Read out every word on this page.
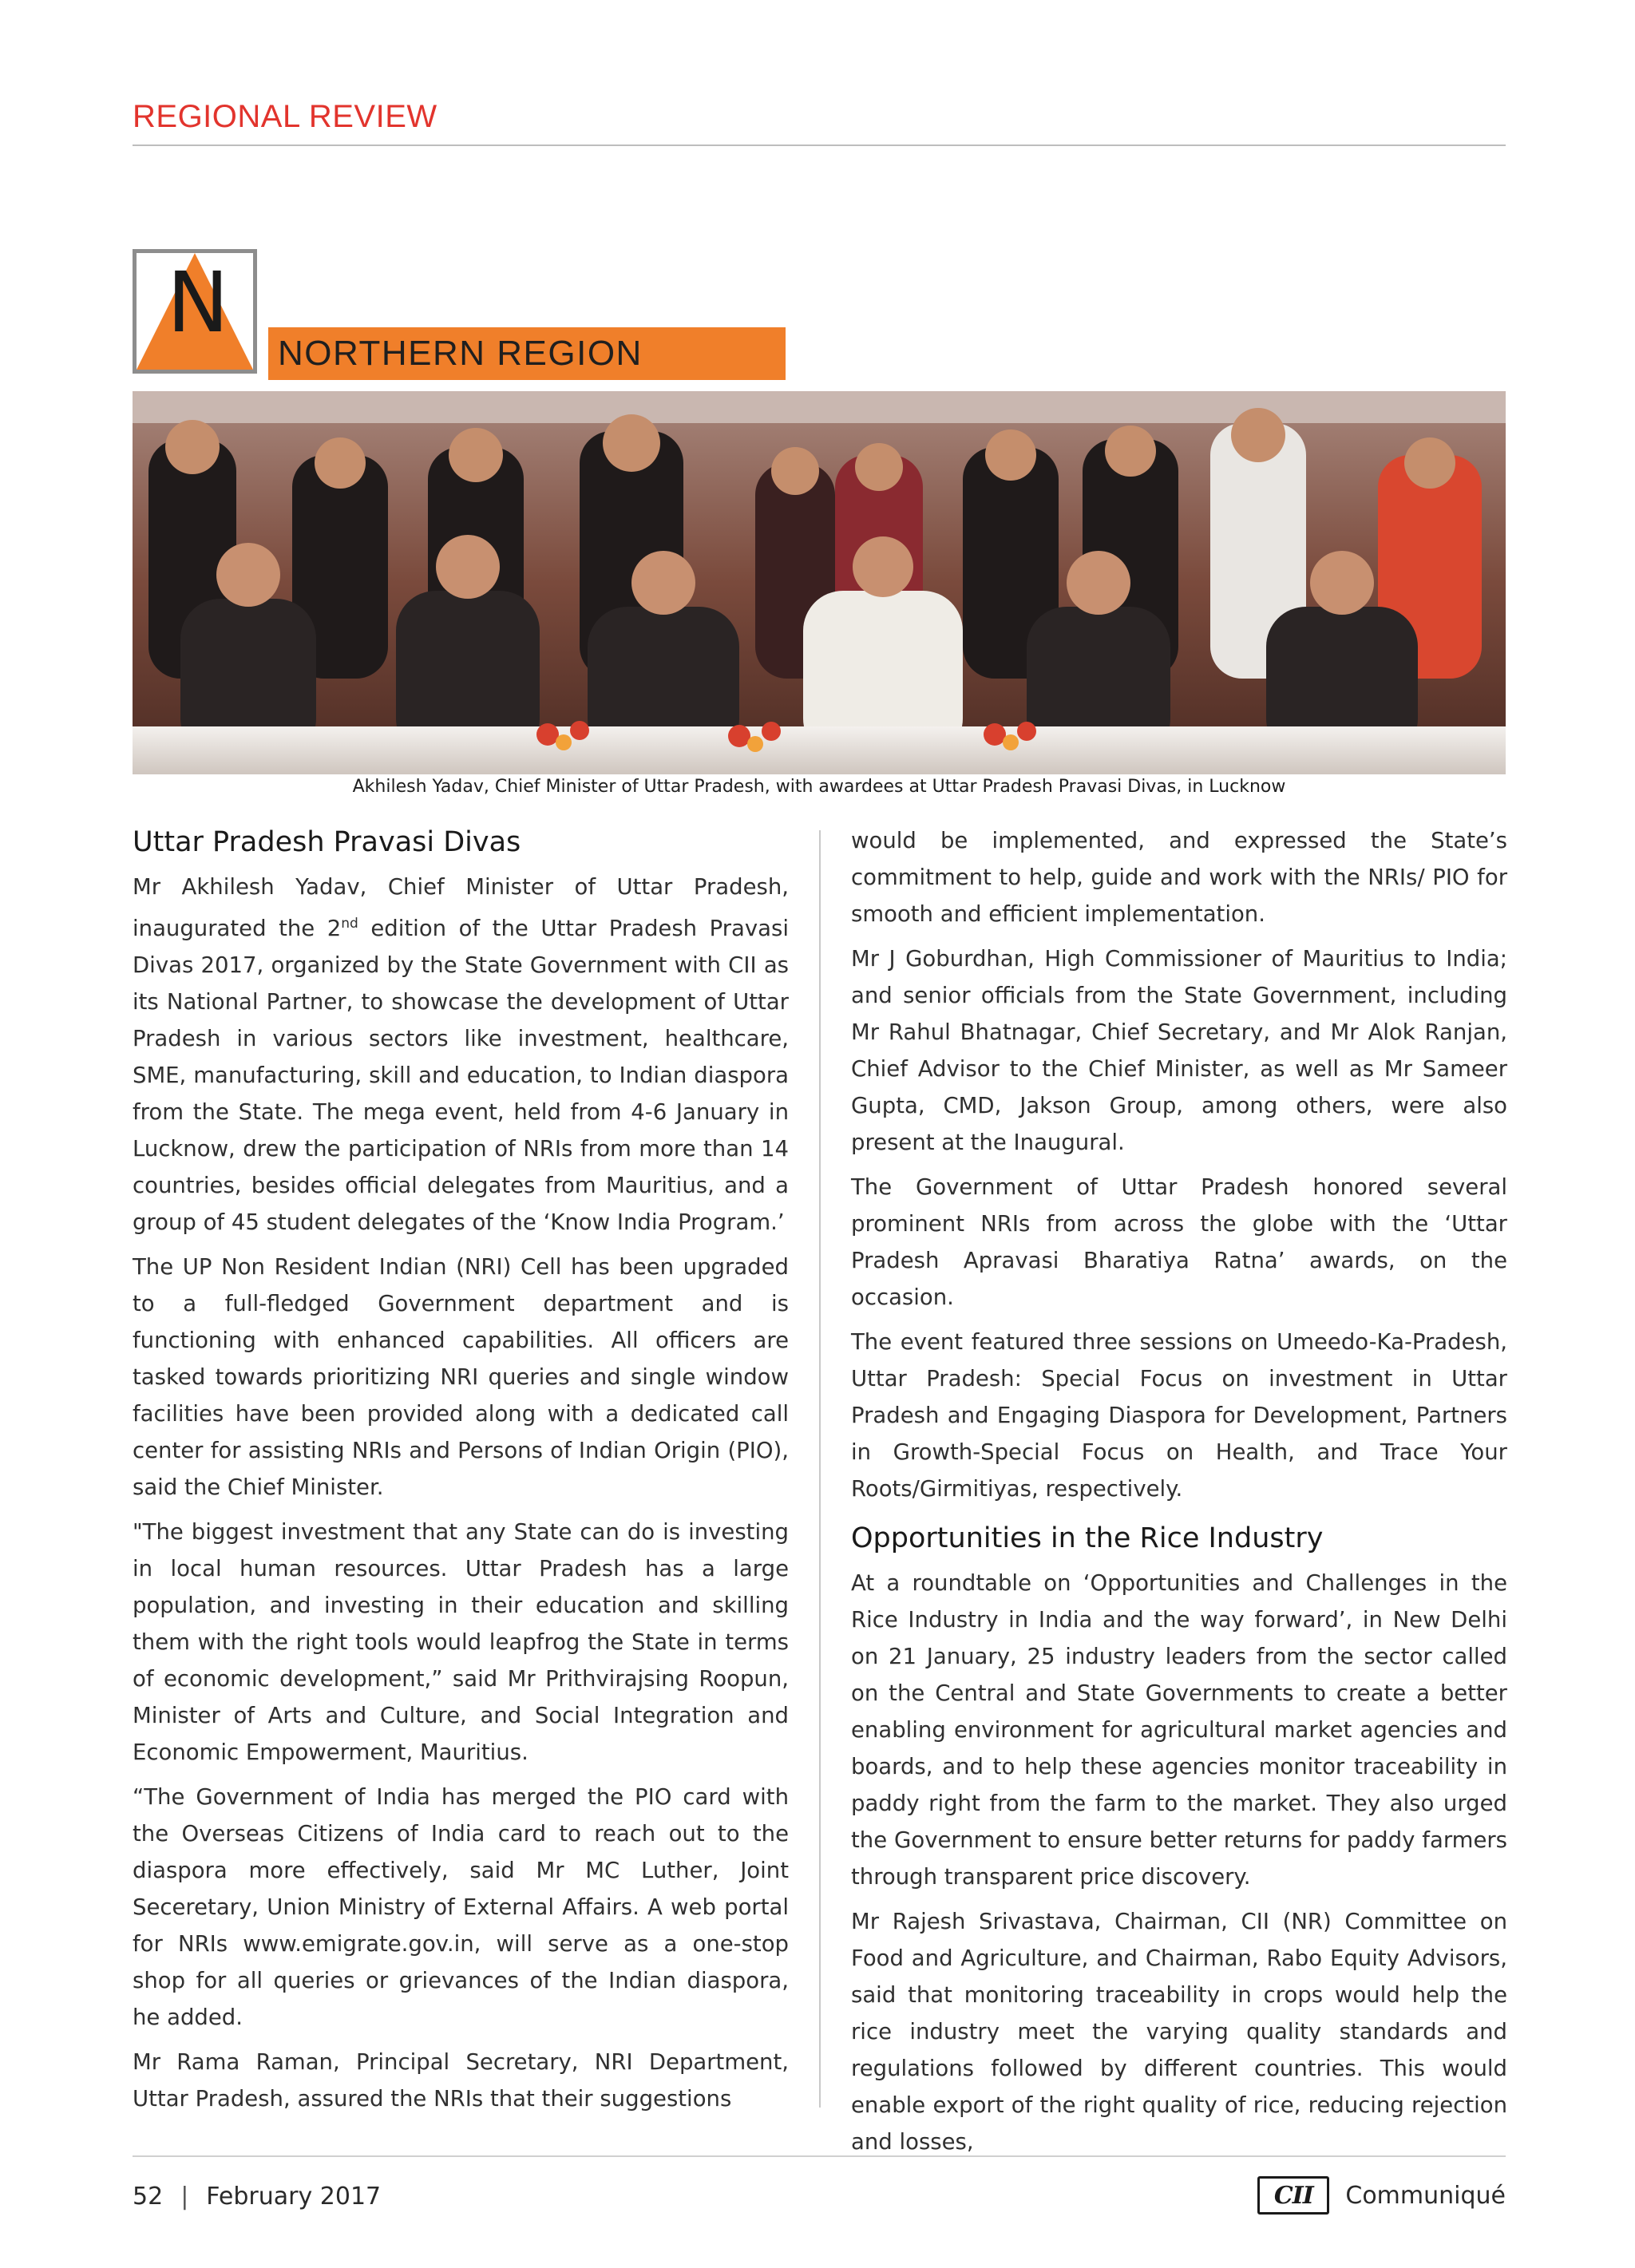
REGIONAL REVIEW
N
NORTHERN REGION
Akhilesh Yadav, Chief Minister of Uttar Pradesh, with awardees at Uttar Pradesh Pravasi Divas, in Lucknow
Uttar Pradesh Pravasi Divas

Mr Akhilesh Yadav, Chief Minister of Uttar Pradesh, inaugurated the 2nd edition of the Uttar Pradesh Pravasi Divas 2017, organized by the State Government with CII as its National Partner, to showcase the development of Uttar Pradesh in various sectors like investment, healthcare, SME, manufacturing, skill and education, to Indian diaspora from the State. The mega event, held from 4-6 January in Lucknow, drew the participation of NRIs from more than 14 countries, besides official delegates from Mauritius, and a group of 45 student delegates of the ‘Know India Program.’

The UP Non Resident Indian (NRI) Cell has been upgraded to a full-fledged Government department and is functioning with enhanced capabilities. All officers are tasked towards prioritizing NRI queries and single window facilities have been provided along with a dedicated call center for assisting NRIs and Persons of Indian Origin (PIO), said the Chief Minister.

"The biggest investment that any State can do is investing in local human resources. Uttar Pradesh has a large population, and investing in their education and skilling them with the right tools would leapfrog the State in terms of economic development,” said Mr Prithvirajsing Roopun, Minister of Arts and Culture, and Social Integration and Economic Empowerment, Mauritius.

“The Government of India has merged the PIO card with the Overseas Citizens of India card to reach out to the diaspora more effectively, said Mr MC Luther, Joint Seceretary, Union Ministry of External Affairs. A web portal for NRIs www.emigrate.gov.in, will serve as a one-stop shop for all queries or grievances of the Indian diaspora, he added.

Mr Rama Raman, Principal Secretary, NRI Department, Uttar Pradesh, assured the NRIs that their suggestions

would be implemented, and expressed the State’s commitment to help, guide and work with the NRIs/ PIO for smooth and efficient implementation.

Mr J Goburdhan, High Commissioner of Mauritius to India; and senior officials from the State Government, including Mr Rahul Bhatnagar, Chief Secretary, and Mr Alok Ranjan, Chief Advisor to the Chief Minister, as well as Mr Sameer Gupta, CMD, Jakson Group, among others, were also present at the Inaugural.

The Government of Uttar Pradesh honored several prominent NRIs from across the globe with the ‘Uttar Pradesh Apravasi Bharatiya Ratna’ awards, on the occasion.

The event featured three sessions on Umeedo-Ka-Pradesh, Uttar Pradesh: Special Focus on investment in Uttar Pradesh and Engaging Diaspora for Development, Partners in Growth-Special Focus on Health, and Trace Your Roots/Girmitiyas, respectively.

Opportunities in the Rice Industry

At a roundtable on ‘Opportunities and Challenges in the Rice Industry in India and the way forward’, in New Delhi on 21 January, 25 industry leaders from the sector called on the Central and State Governments to create a better enabling environment for agricultural market agencies and boards, and to help these agencies monitor traceability in paddy right from the farm to the market. They also urged the Government to ensure better returns for paddy farmers through transparent price discovery.

Mr Rajesh Srivastava, Chairman, CII (NR) Committee on Food and Agriculture, and Chairman, Rabo Equity Advisors, said that monitoring traceability in crops would help the rice industry meet the varying quality standards and regulations followed by different countries. This would enable export of the right quality of rice, reducing rejection and losses,

52 | February 2017	CII	Communiqué
